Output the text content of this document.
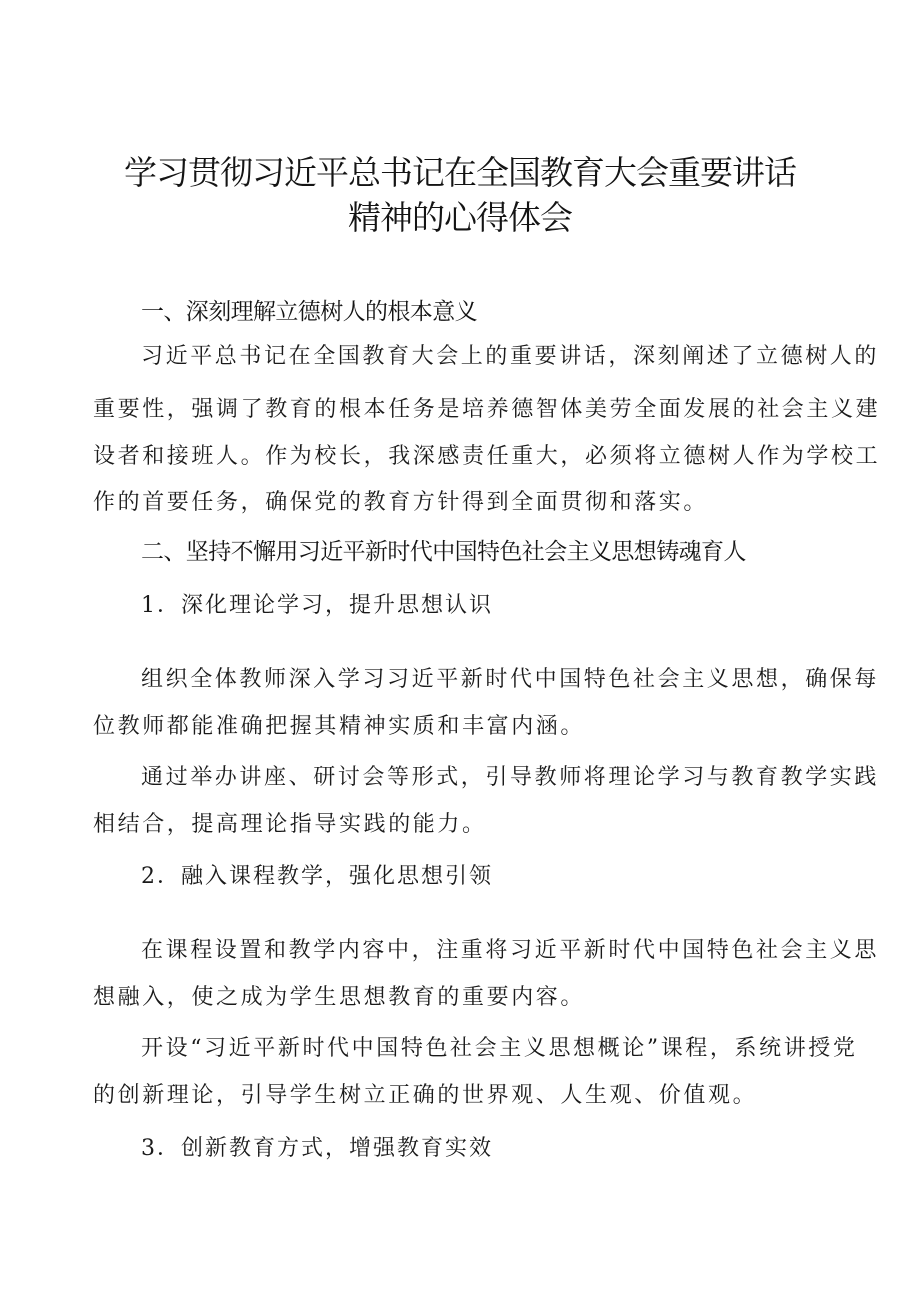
学习贯彻习近平总书记在全国教育大会重要讲话
精神的心得体会

一、深刻理解立德树人的根本意义

习近平总书记在全国教育大会上的重要讲话，深刻阐述了立德树人的

重要性，强调了教育的根本任务是培养德智体美劳全面发展的社会主义建

设者和接班人。作为校长，我深感责任重大，必须将立德树人作为学校工

作的首要任务，确保党的教育方针得到全面贯彻和落实。

二、坚持不懈用习近平新时代中国特色社会主义思想铸魂育人

1．深化理论学习，提升思想认识

组织全体教师深入学习习近平新时代中国特色社会主义思想，确保每

位教师都能准确把握其精神实质和丰富内涵。

通过举办讲座、研讨会等形式，引导教师将理论学习与教育教学实践

相结合，提高理论指导实践的能力。

2．融入课程教学，强化思想引领

在课程设置和教学内容中，注重将习近平新时代中国特色社会主义思

想融入，使之成为学生思想教育的重要内容。

开设“习近平新时代中国特色社会主义思想概论”课程，系统讲授党

的创新理论，引导学生树立正确的世界观、人生观、价值观。

3．创新教育方式，增强教育实效
